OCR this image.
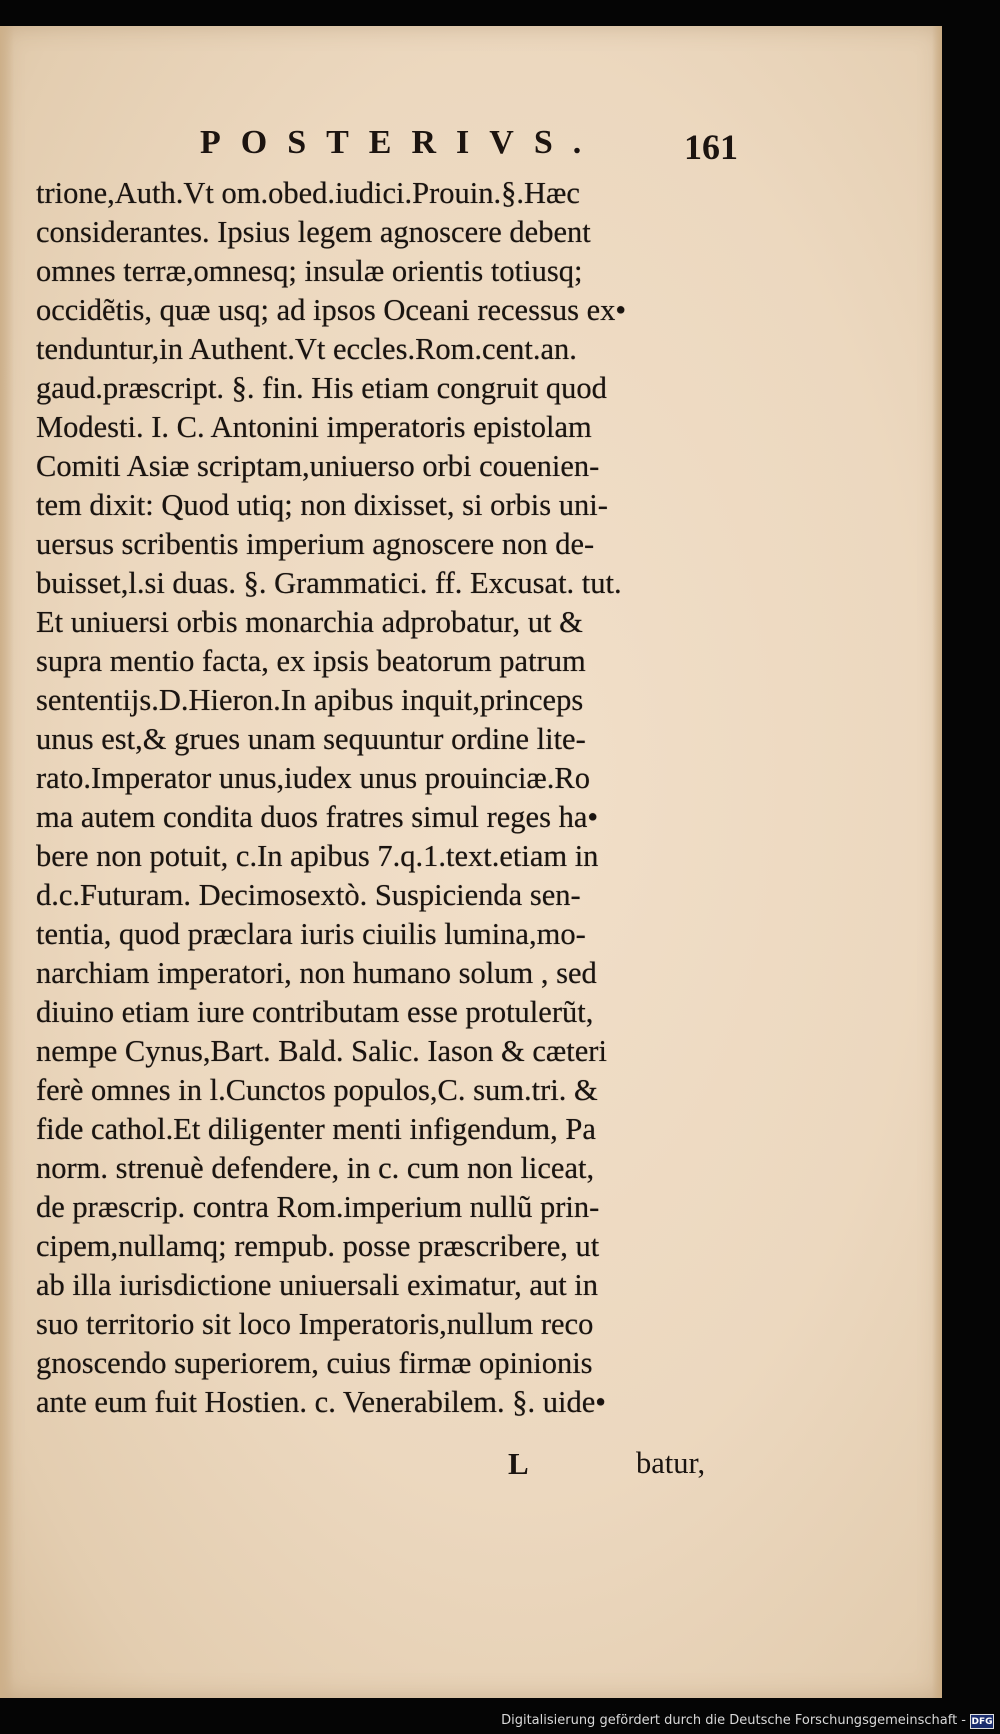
POSTERIVS.	161
trione,Auth.Vt om.obed.iudici.Prouin.§.Hæc
considerantes. Ipsius legem agnoscere debent
omnes terræ,omnesq; insulæ orientis totiusq;
occidẽtis, quæ usq; ad ipsos Oceani recessus ex•
tenduntur,in Authent.Vt eccles.Rom.cent.an.
gaud.præscript. §. fin. His etiam congruit quod
Modesti. I. C. Antonini imperatoris epistolam
Comiti Asiæ scriptam,uniuerso orbi couenien-
tem dixit: Quod utiq; non dixisset, si orbis uni-
uersus scribentis imperium agnoscere non de-
buisset,l.si duas. §. Grammatici. ff. Excusat. tut.
Et uniuersi orbis monarchia adprobatur, ut &
supra mentio facta, ex ipsis beatorum patrum
sententijs.D.Hieron.In apibus inquit,princeps
unus est,& grues unam sequuntur ordine lite-
rato.Imperator unus,iudex unus prouinciæ.Ro
ma autem condita duos fratres simul reges ha•
bere non potuit, c.In apibus 7.q.1.text.etiam in
d.c.Futuram. Decimosextò. Suspicienda sen-
tentia, quod præclara iuris ciuilis lumina,mo-
narchiam imperatori, non humano solum , sed
diuino etiam iure contributam esse protulerũt,
nempe Cynus,Bart. Bald. Salic. Iason & cæteri
ferè omnes in l.Cunctos populos,C. sum.tri. &
fide cathol.Et diligenter menti infigendum, Pa
norm. strenuè defendere, in c. cum non liceat,
de præscrip. contra Rom.imperium nullũ prin-
cipem,nullamq; rempub. posse præscribere, ut
ab illa iurisdictione uniuersali eximatur, aut in
suo territorio sit loco Imperatoris,nullum reco
gnoscendo superiorem, cuius firmæ opinionis
ante eum fuit Hostien. c. Venerabilem. §. uide•
L	batur,
Digitalisierung gefördert durch die Deutsche Forschungsgemeinschaft - DFG
